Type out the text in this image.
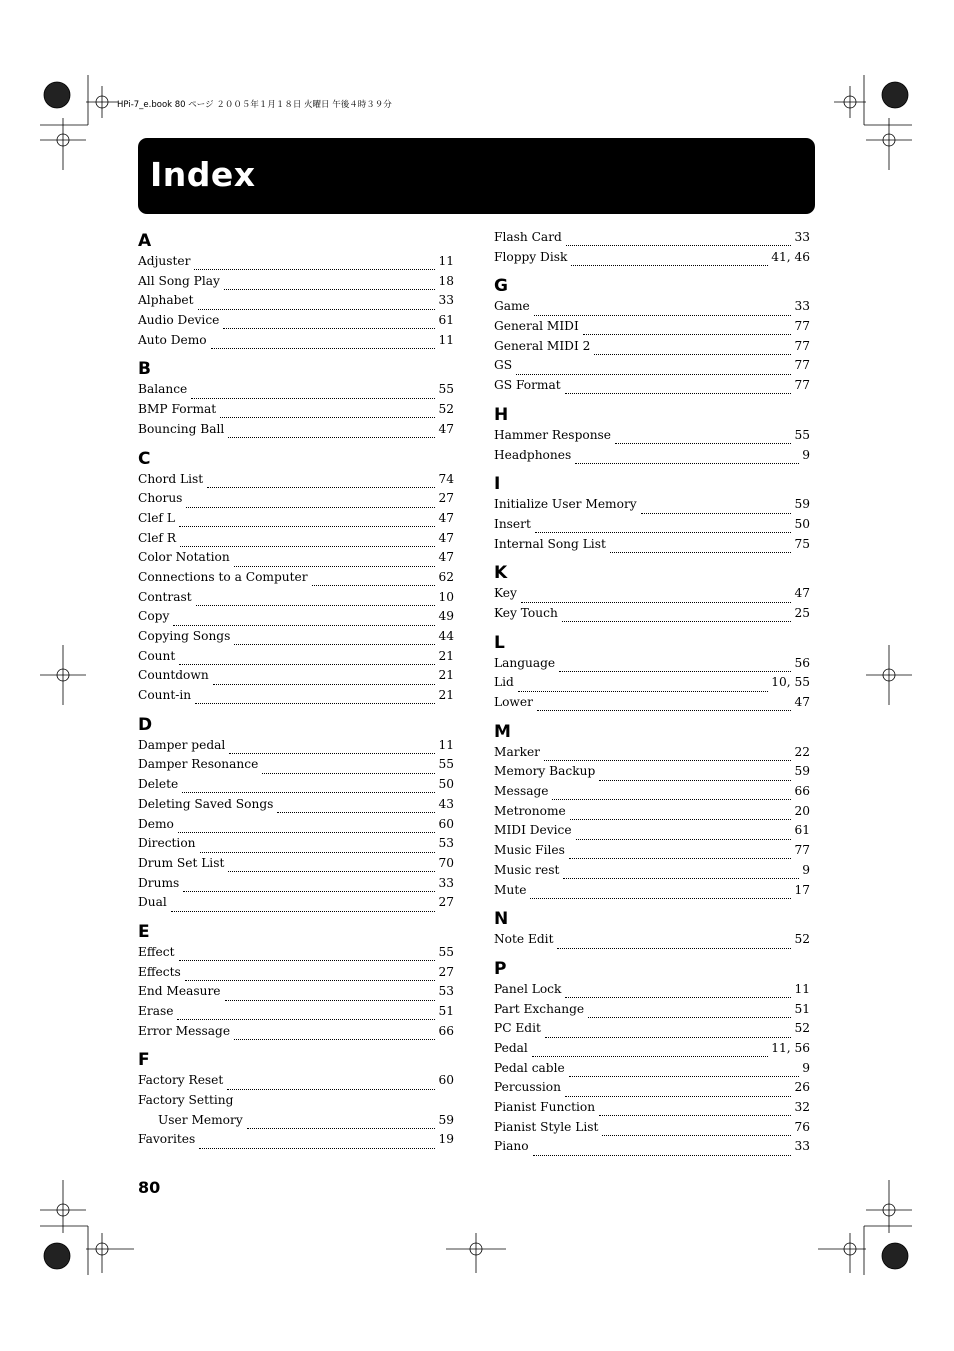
HPi-7_e.book 80 ページ ２００５年１月１８日 火曜日 午後４時３９分
Index
A
Adjuster	11
All Song Play	18
Alphabet	33
Audio Device	61
Auto Demo	11
B
Balance	55
BMP Format	52
Bouncing Ball	47
C
Chord List	74
Chorus	27
Clef L	47
Clef R	47
Color Notation	47
Connections to a Computer	62
Contrast	10
Copy	49
Copying Songs	44
Count	21
Countdown	21
Count-in	21
D
Damper pedal	11
Damper Resonance	55
Delete	50
Deleting Saved Songs	43
Demo	60
Direction	53
Drum Set List	70
Drums	33
Dual	27
E
Effect	55
Effects	27
End Measure	53
Erase	51
Error Message	66
F
Factory Reset	60
Factory Setting
User Memory	59
Favorites	19
Flash Card	33
Floppy Disk	41, 46
G
Game	33
General MIDI	77
General MIDI 2	77
GS	77
GS Format	77
H
Hammer Response	55
Headphones	9
I
Initialize User Memory	59
Insert	50
Internal Song List	75
K
Key	47
Key Touch	25
L
Language	56
Lid	10, 55
Lower	47
M
Marker	22
Memory Backup	59
Message	66
Metronome	20
MIDI Device	61
Music Files	77
Music rest	9
Mute	17
N
Note Edit	52
P
Panel Lock	11
Part Exchange	51
PC Edit	52
Pedal	11, 56
Pedal cable	9
Percussion	26
Pianist Function	32
Pianist Style List	76
Piano	33
80
